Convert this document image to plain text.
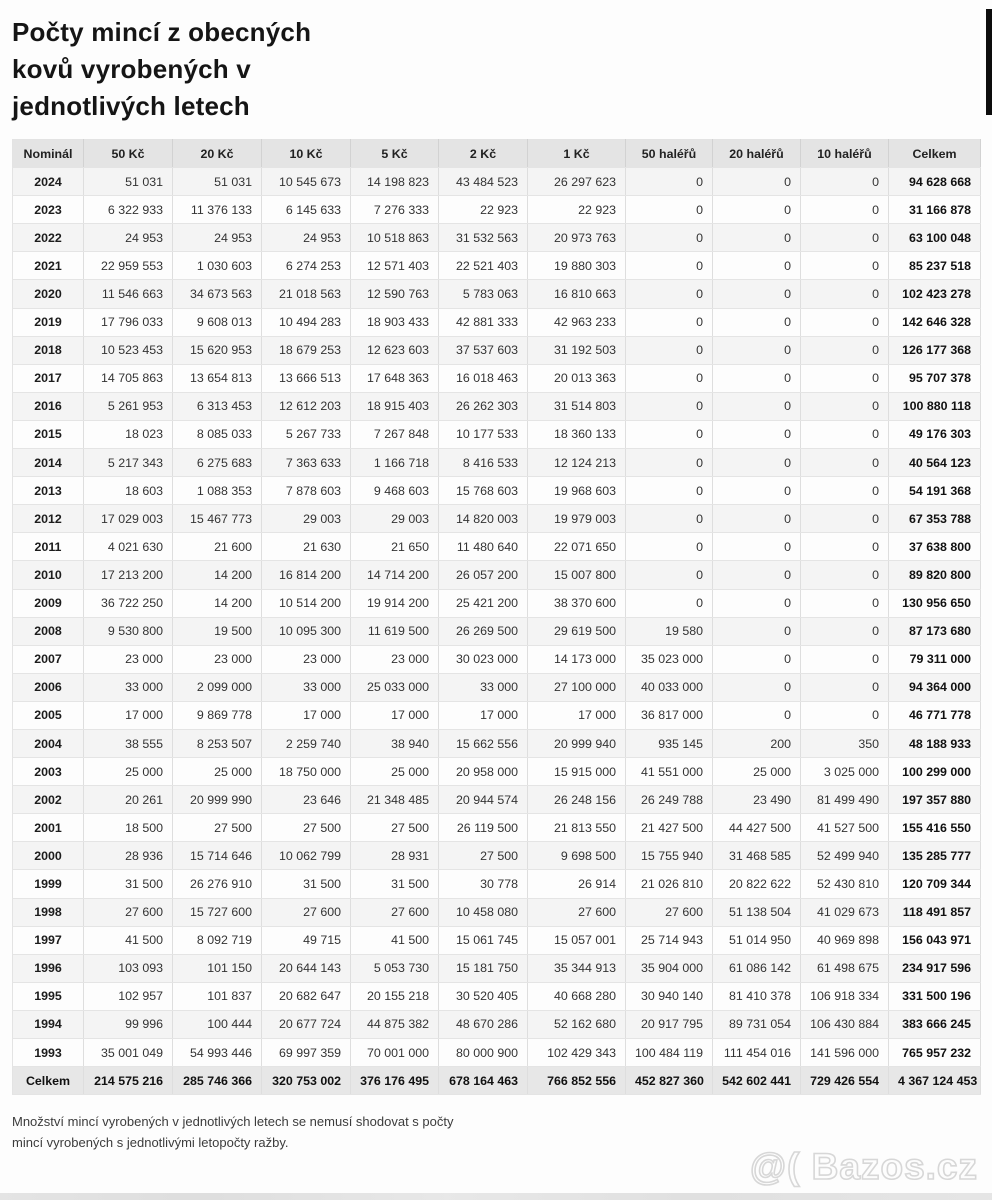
Počty mincí z obecných kovů vyrobených v jednotlivých letech
Nominál	50 Kč	20 Kč	10 Kč	5 Kč	2 Kč	1 Kč	50 haléřů	20 haléřů	10 haléřů	Celkem
2024	51 031	51 031	10 545 673	14 198 823	43 484 523	26 297 623	0	0	0	94 628 668
2023	6 322 933	11 376 133	6 145 633	7 276 333	22 923	22 923	0	0	0	31 166 878
2022	24 953	24 953	24 953	10 518 863	31 532 563	20 973 763	0	0	0	63 100 048
2021	22 959 553	1 030 603	6 274 253	12 571 403	22 521 403	19 880 303	0	0	0	85 237 518
2020	11 546 663	34 673 563	21 018 563	12 590 763	5 783 063	16 810 663	0	0	0	102 423 278
2019	17 796 033	9 608 013	10 494 283	18 903 433	42 881 333	42 963 233	0	0	0	142 646 328
2018	10 523 453	15 620 953	18 679 253	12 623 603	37 537 603	31 192 503	0	0	0	126 177 368
2017	14 705 863	13 654 813	13 666 513	17 648 363	16 018 463	20 013 363	0	0	0	95 707 378
2016	5 261 953	6 313 453	12 612 203	18 915 403	26 262 303	31 514 803	0	0	0	100 880 118
2015	18 023	8 085 033	5 267 733	7 267 848	10 177 533	18 360 133	0	0	0	49 176 303
2014	5 217 343	6 275 683	7 363 633	1 166 718	8 416 533	12 124 213	0	0	0	40 564 123
2013	18 603	1 088 353	7 878 603	9 468 603	15 768 603	19 968 603	0	0	0	54 191 368
2012	17 029 003	15 467 773	29 003	29 003	14 820 003	19 979 003	0	0	0	67 353 788
2011	4 021 630	21 600	21 630	21 650	11 480 640	22 071 650	0	0	0	37 638 800
2010	17 213 200	14 200	16 814 200	14 714 200	26 057 200	15 007 800	0	0	0	89 820 800
2009	36 722 250	14 200	10 514 200	19 914 200	25 421 200	38 370 600	0	0	0	130 956 650
2008	9 530 800	19 500	10 095 300	11 619 500	26 269 500	29 619 500	19 580	0	0	87 173 680
2007	23 000	23 000	23 000	23 000	30 023 000	14 173 000	35 023 000	0	0	79 311 000
2006	33 000	2 099 000	33 000	25 033 000	33 000	27 100 000	40 033 000	0	0	94 364 000
2005	17 000	9 869 778	17 000	17 000	17 000	17 000	36 817 000	0	0	46 771 778
2004	38 555	8 253 507	2 259 740	38 940	15 662 556	20 999 940	935 145	200	350	48 188 933
2003	25 000	25 000	18 750 000	25 000	20 958 000	15 915 000	41 551 000	25 000	3 025 000	100 299 000
2002	20 261	20 999 990	23 646	21 348 485	20 944 574	26 248 156	26 249 788	23 490	81 499 490	197 357 880
2001	18 500	27 500	27 500	27 500	26 119 500	21 813 550	21 427 500	44 427 500	41 527 500	155 416 550
2000	28 936	15 714 646	10 062 799	28 931	27 500	9 698 500	15 755 940	31 468 585	52 499 940	135 285 777
1999	31 500	26 276 910	31 500	31 500	30 778	26 914	21 026 810	20 822 622	52 430 810	120 709 344
1998	27 600	15 727 600	27 600	27 600	10 458 080	27 600	27 600	51 138 504	41 029 673	118 491 857
1997	41 500	8 092 719	49 715	41 500	15 061 745	15 057 001	25 714 943	51 014 950	40 969 898	156 043 971
1996	103 093	101 150	20 644 143	5 053 730	15 181 750	35 344 913	35 904 000	61 086 142	61 498 675	234 917 596
1995	102 957	101 837	20 682 647	20 155 218	30 520 405	40 668 280	30 940 140	81 410 378	106 918 334	331 500 196
1994	99 996	100 444	20 677 724	44 875 382	48 670 286	52 162 680	20 917 795	89 731 054	106 430 884	383 666 245
1993	35 001 049	54 993 446	69 997 359	70 001 000	80 000 900	102 429 343	100 484 119	111 454 016	141 596 000	765 957 232
Celkem	214 575 216	285 746 366	320 753 002	376 176 495	678 164 463	766 852 556	452 827 360	542 602 441	729 426 554	4 367 124 453
Množství mincí vyrobených v jednotlivých letech se nemusí shodovat s počty mincí vyrobených s jednotlivými letopočty ražby.
@( Bazos.cz
